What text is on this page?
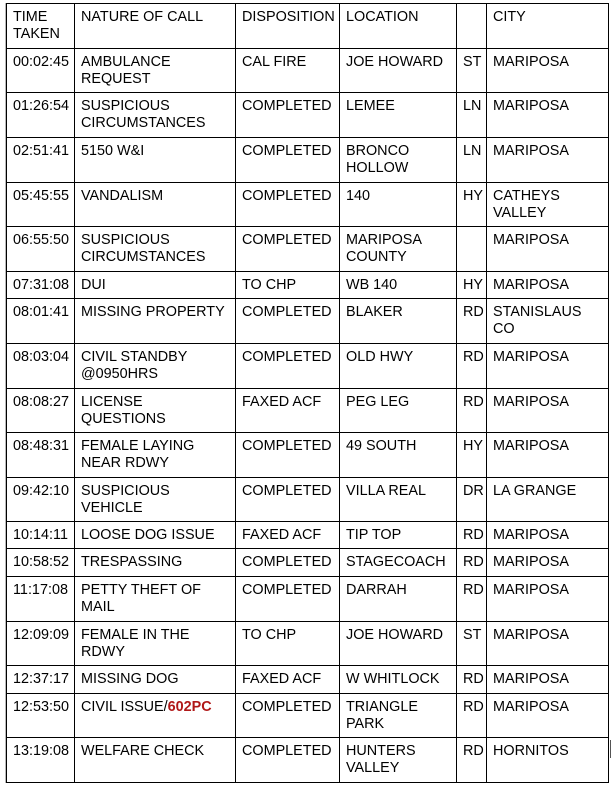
TIME TAKEN	NATURE OF CALL	DISPOSITION	LOCATION		CITY
00:02:45	AMBULANCE REQUEST	CAL FIRE	JOE HOWARD	ST	MARIPOSA
01:26:54	SUSPICIOUS CIRCUMSTANCES	COMPLETED	LEMEE	LN	MARIPOSA
02:51:41	5150 W&I	COMPLETED	BRONCO HOLLOW	LN	MARIPOSA
05:45:55	VANDALISM	COMPLETED	140	HY	CATHEYS VALLEY
06:55:50	SUSPICIOUS CIRCUMSTANCES	COMPLETED	MARIPOSA COUNTY		MARIPOSA
07:31:08	DUI	TO CHP	WB 140	HY	MARIPOSA
08:01:41	MISSING PROPERTY	COMPLETED	BLAKER	RD	STANISLAUS CO
08:03:04	CIVIL STANDBY @0950HRS	COMPLETED	OLD HWY	RD	MARIPOSA
08:08:27	LICENSE QUESTIONS	FAXED ACF	PEG LEG	RD	MARIPOSA
08:48:31	FEMALE LAYING NEAR RDWY	COMPLETED	49 SOUTH	HY	MARIPOSA
09:42:10	SUSPICIOUS VEHICLE	COMPLETED	VILLA REAL	DR	LA GRANGE
10:14:11	LOOSE DOG ISSUE	FAXED ACF	TIP TOP	RD	MARIPOSA
10:58:52	TRESPASSING	COMPLETED	STAGECOACH	RD	MARIPOSA
11:17:08	PETTY THEFT OF MAIL	COMPLETED	DARRAH	RD	MARIPOSA
12:09:09	FEMALE IN THE RDWY	TO CHP	JOE HOWARD	ST	MARIPOSA
12:37:17	MISSING DOG	FAXED ACF	W WHITLOCK	RD	MARIPOSA
12:53:50	CIVIL ISSUE/602PC	COMPLETED	TRIANGLE PARK	RD	MARIPOSA
13:19:08	WELFARE CHECK	COMPLETED	HUNTERS VALLEY	RD	HORNITOS
